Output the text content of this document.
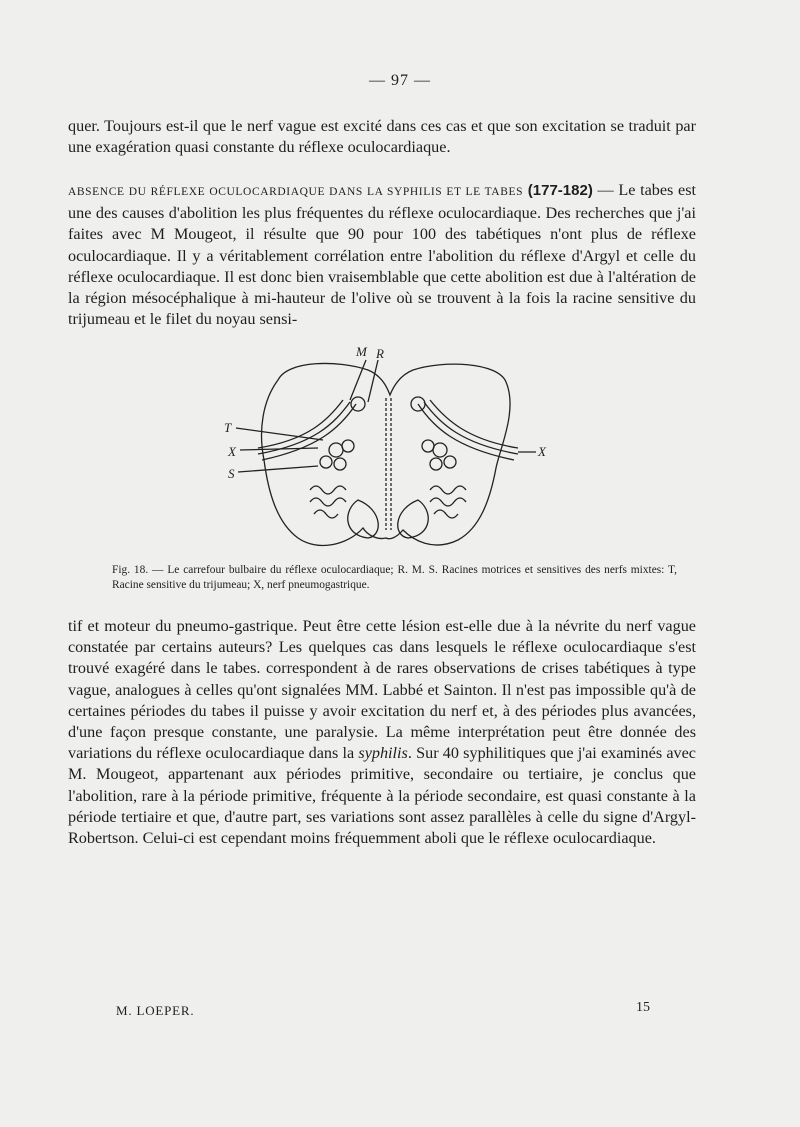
— 97 —

quer. Toujours est-il que le nerf vague est excité dans ces cas et que son excitation se traduit par une exagération quasi constante du réflexe oculocardiaque.

ABSENCE DU RÉFLEXE OCULOCARDIAQUE DANS LA SYPHILIS ET LE TABES (177-182) — Le tabes est une des causes d'abolition les plus fréquentes du réflexe oculocardiaque. Des recherches que j'ai faites avec M Mougeot, il résulte que 90 pour 100 des tabétiques n'ont plus de réflexe oculocardiaque. Il y a véritablement corrélation entre l'abolition du réflexe d'Argyl et celle du réflexe oculocardiaque. Il est donc bien vraisemblable que cette abolition est due à l'altération de la région mésocéphalique à mi-hauteur de l'olive où se trouvent à la fois la racine sensitive du trijumeau et le filet du noyau sensi-

M R
T
X
S
X

Fig. 18. — Le carrefour bulbaire du réflexe oculocardiaque; R. M. S. Racines motrices et sensitives des nerfs mixtes: T, Racine sensitive du trijumeau; X, nerf pneumogastrique.

tif et moteur du pneumo-gastrique. Peut être cette lésion est-elle due à la névrite du nerf vague constatée par certains auteurs? Les quelques cas dans lesquels le réflexe oculocardiaque s'est trouvé exagéré dans le tabes. correspondent à de rares observations de crises tabétiques à type vague, analogues à celles qu'ont signalées MM. Labbé et Sainton. Il n'est pas impossible qu'à de certaines périodes du tabes il puisse y avoir excitation du nerf et, à des périodes plus avancées, d'une façon presque constante, une paralysie. La même interprétation peut être donnée des variations du réflexe oculocardiaque dans la syphilis. Sur 40 syphilitiques que j'ai examinés avec M. Mougeot, appartenant aux périodes primitive, secondaire ou tertiaire, je conclus que l'abolition, rare à la période primitive, fréquente à la période secondaire, est quasi constante à la période tertiaire et que, d'autre part, ses variations sont assez parallèles à celle du signe d'Argyl-Robertson. Celui-ci est cependant moins fréquemment aboli que le réflexe oculocardiaque.

M. LOEPER.	15
